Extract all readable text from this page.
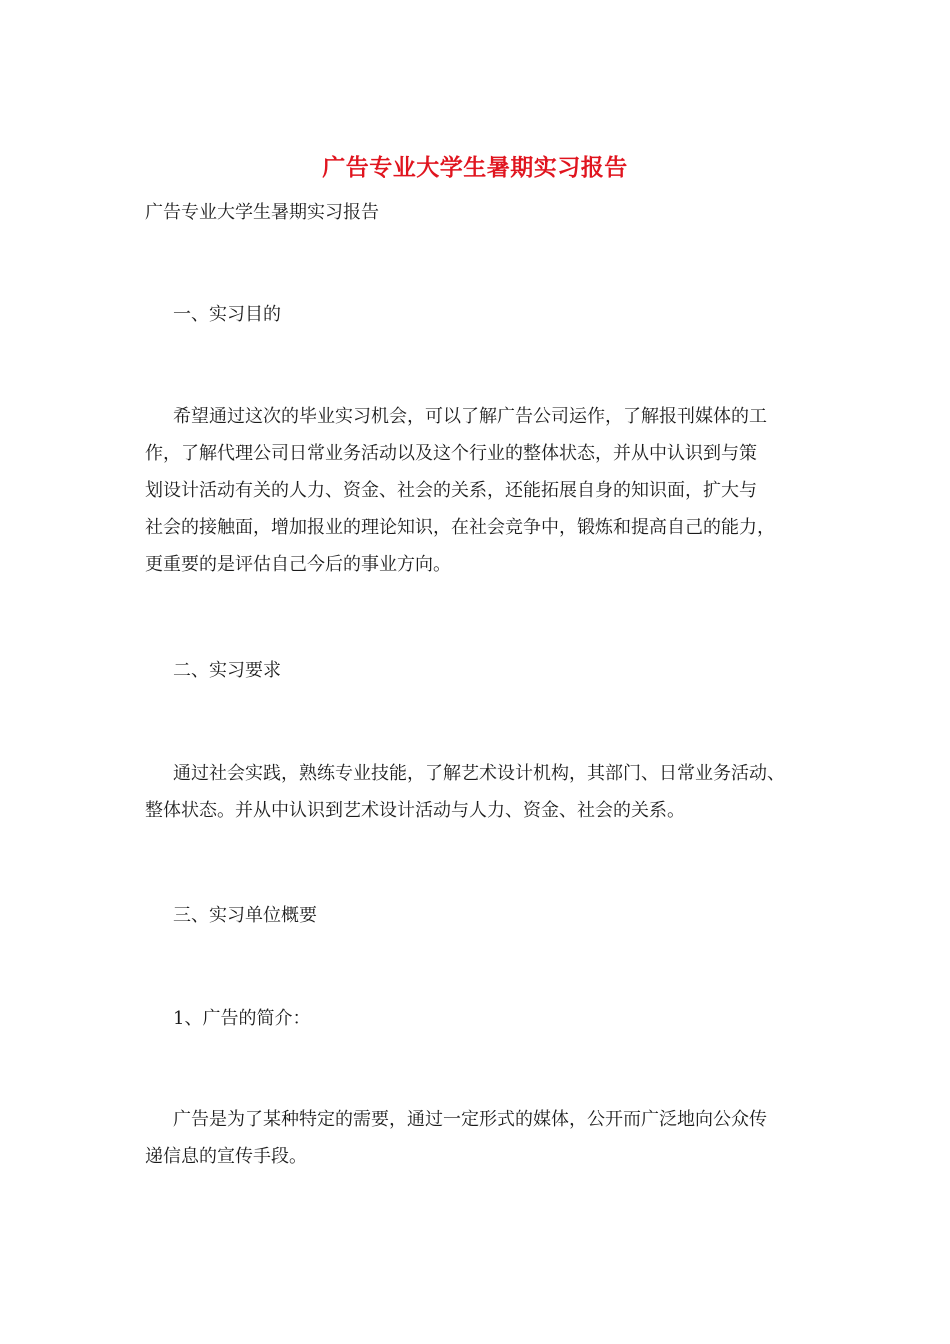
广告专业大学生暑期实习报告

广告专业大学生暑期实习报告

一、实习目的

希望通过这次的毕业实习机会，可以了解广告公司运作，了解报刊媒体的工
作，了解代理公司日常业务活动以及这个行业的整体状态，并从中认识到与策
划设计活动有关的人力、资金、社会的关系，还能拓展自身的知识面，扩大与
社会的接触面，增加报业的理论知识，在社会竞争中，锻炼和提高自己的能力，
更重要的是评估自己今后的事业方向。

二、实习要求

通过社会实践，熟练专业技能，了解艺术设计机构，其部门、日常业务活动、
整体状态。并从中认识到艺术设计活动与人力、资金、社会的关系。

三、实习单位概要

1、广告的简介：

广告是为了某种特定的需要，通过一定形式的媒体，公开而广泛地向公众传
递信息的宣传手段。
